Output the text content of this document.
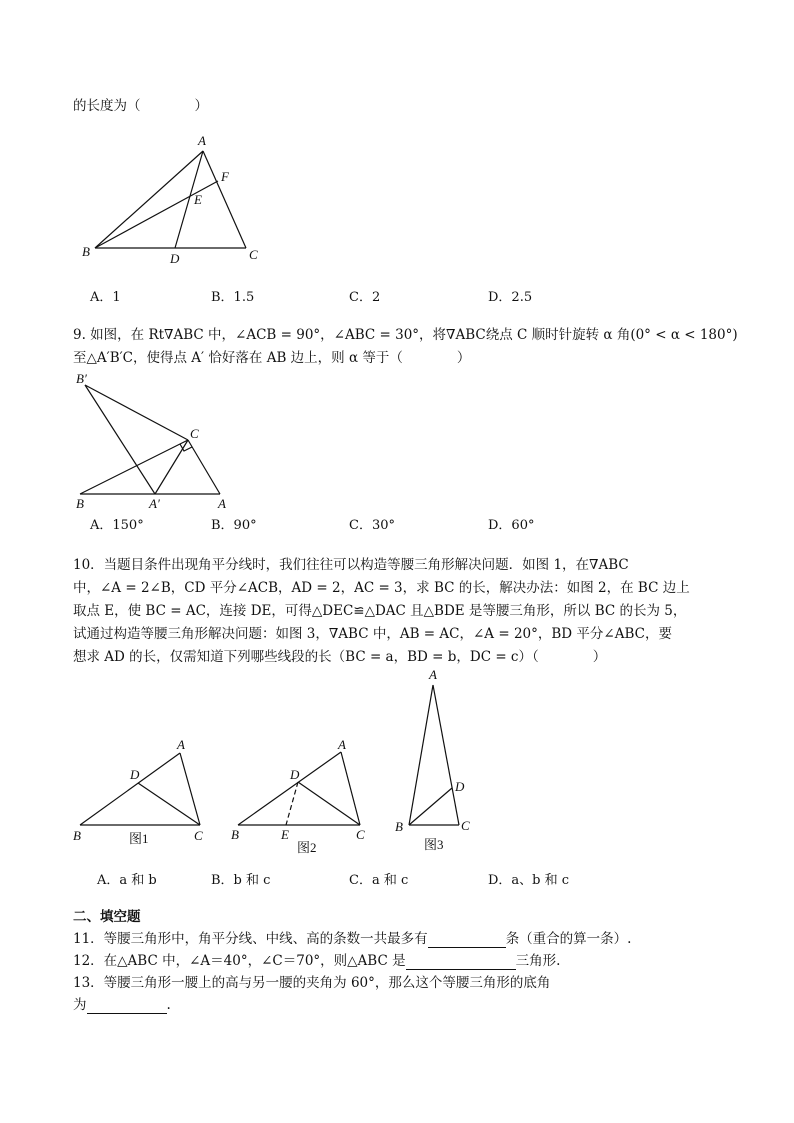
的长度为（　　　　）
A
B	C
D
E
F
A．1	B．1.5	C．2	D．2.5
9. 如图，在 Rt∇ABC 中，∠ACB = 90°，∠ABC = 30°，将∇ABC绕点 C 顺时针旋转 α 角(0° < α < 180°)
至△A′B′C，使得点 A′ 恰好落在 AB 边上，则 α 等于（　　　　）
B′
C
B	A′	A
A．150°	B．90°	C．30°	D．60°
10．当题目条件出现角平分线时，我们往往可以构造等腰三角形解决问题．如图 1，在∇ABC
中，∠A = 2∠B，CD 平分∠ACB，AD = 2，AC = 3，求 BC 的长，解决办法：如图 2，在 BC 边上
取点 E，使 BC = AC，连接 DE，可得△DEC≌△DAC 且△BDE 是等腰三角形，所以 BC 的长为 5，
试通过构造等腰三角形解决问题：如图 3，∇ABC 中，AB = AC，∠A = 20°，BD 平分∠ABC，要
想求 AD 的长，仅需知道下列哪些线段的长（BC = a，BD = b，DC = c）（　　　　）
A
D
B	C
图1
A
D
B	E	C
图2
A
D
B	C
图3
A．a 和 b	B．b 和 c	C．a 和 c	D．a、b 和 c
二、填空题
11．等腰三角形中，角平分线、中线、高的条数一共最多有	条（重合的算一条）.
12．在△ABC 中，∠A＝40°，∠C＝70°，则△ABC 是	三角形.
13．等腰三角形一腰上的高与另一腰的夹角为 60°，那么这个等腰三角形的底角
为	.
